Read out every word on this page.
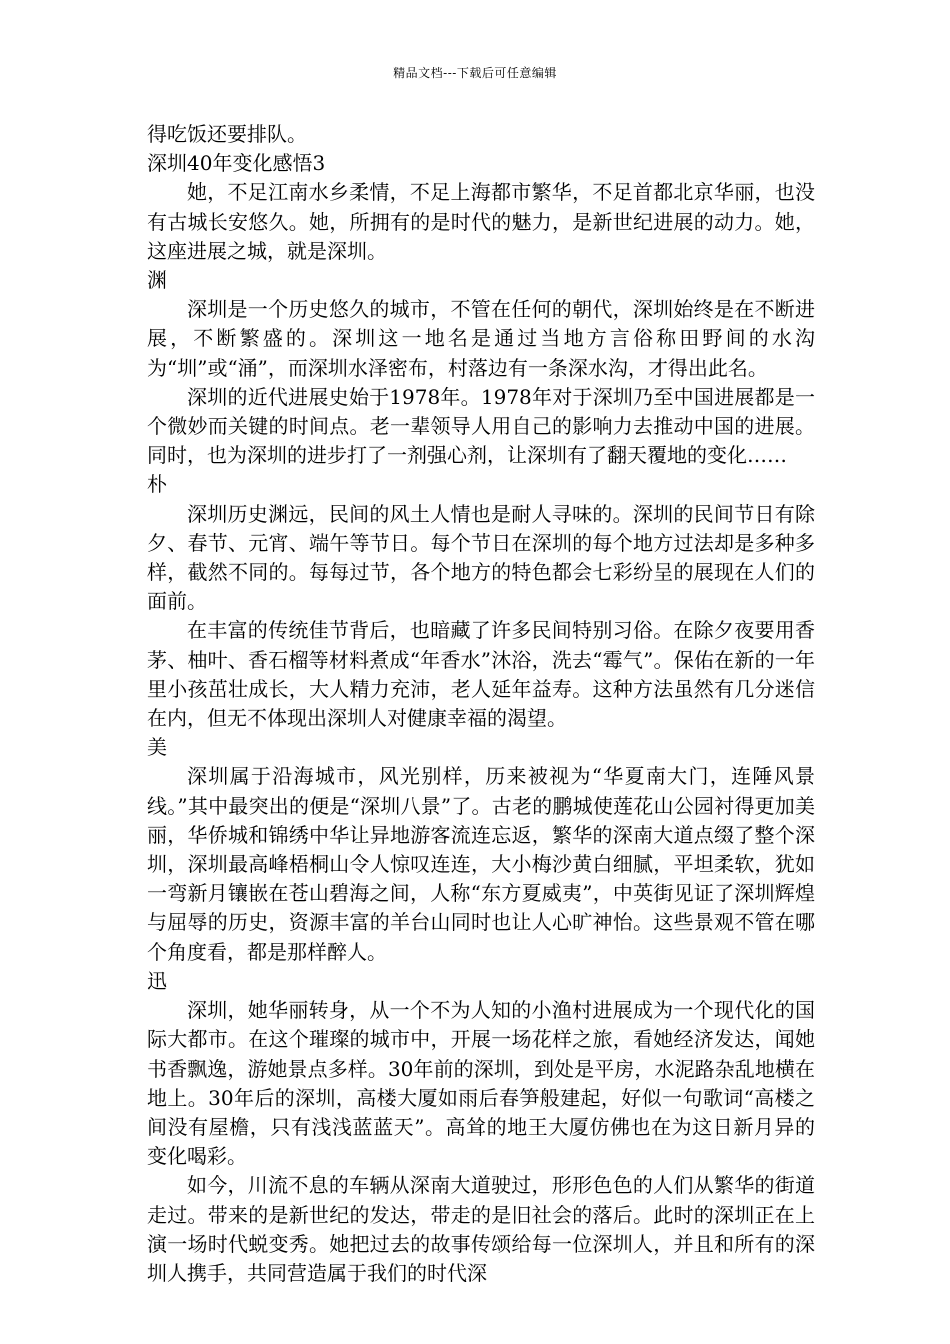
精品文档---下载后可任意编辑

得吃饭还要排队。

深圳40年变化感悟3

她，不足江南水乡柔情，不足上海都市繁华，不足首都北京华丽，也没有古城长安悠久。她，所拥有的是时代的魅力，是新世纪进展的动力。她，这座进展之城，就是深圳。

渊

深圳是一个历史悠久的城市，不管在任何的朝代，深圳始终是在不断进展，不断繁盛的。深圳这一地名是通过当地方言俗称田野间的水沟为“圳”或“涌”，而深圳水泽密布，村落边有一条深水沟，才得出此名。

深圳的近代进展史始于1978年。1978年对于深圳乃至中国进展都是一个微妙而关键的时间点。老一辈领导人用自己的影响力去推动中国的进展。同时，也为深圳的进步打了一剂强心剂，让深圳有了翻天覆地的变化……

朴

深圳历史渊远，民间的风土人情也是耐人寻味的。深圳的民间节日有除夕、春节、元宵、端午等节日。每个节日在深圳的每个地方过法却是多种多样，截然不同的。每每过节，各个地方的特色都会七彩纷呈的展现在人们的面前。

在丰富的传统佳节背后，也暗藏了许多民间特别习俗。在除夕夜要用香茅、柚叶、香石榴等材料煮成“年香水”沐浴，洗去“霉气”。保佑在新的一年里小孩茁壮成长，大人精力充沛，老人延年益寿。这种方法虽然有几分迷信在内，但无不体现出深圳人对健康幸福的渴望。

美

深圳属于沿海城市，风光别样，历来被视为“华夏南大门，连陲风景线。”其中最突出的便是“深圳八景”了。古老的鹏城使莲花山公园衬得更加美丽，华侨城和锦绣中华让异地游客流连忘返，繁华的深南大道点缀了整个深圳，深圳最高峰梧桐山令人惊叹连连，大小梅沙黄白细腻，平坦柔软，犹如一弯新月镶嵌在苍山碧海之间，人称“东方夏威夷”，中英街见证了深圳辉煌与屈辱的历史，资源丰富的羊台山同时也让人心旷神怡。这些景观不管在哪个角度看，都是那样醉人。

迅

深圳，她华丽转身，从一个不为人知的小渔村进展成为一个现代化的国际大都市。在这个璀璨的城市中，开展一场花样之旅，看她经济发达，闻她书香飘逸，游她景点多样。30年前的深圳，到处是平房，水泥路杂乱地横在地上。30年后的深圳，高楼大厦如雨后春笋般建起，好似一句歌词“高楼之间没有屋檐，只有浅浅蓝蓝天”。高耸的地王大厦仿佛也在为这日新月异的变化喝彩。

如今，川流不息的车辆从深南大道驶过，形形色色的人们从繁华的街道走过。带来的是新世纪的发达，带走的是旧社会的落后。此时的深圳正在上演一场时代蜕变秀。她把过去的故事传颂给每一位深圳人，并且和所有的深圳人携手，共同营造属于我们的时代深
